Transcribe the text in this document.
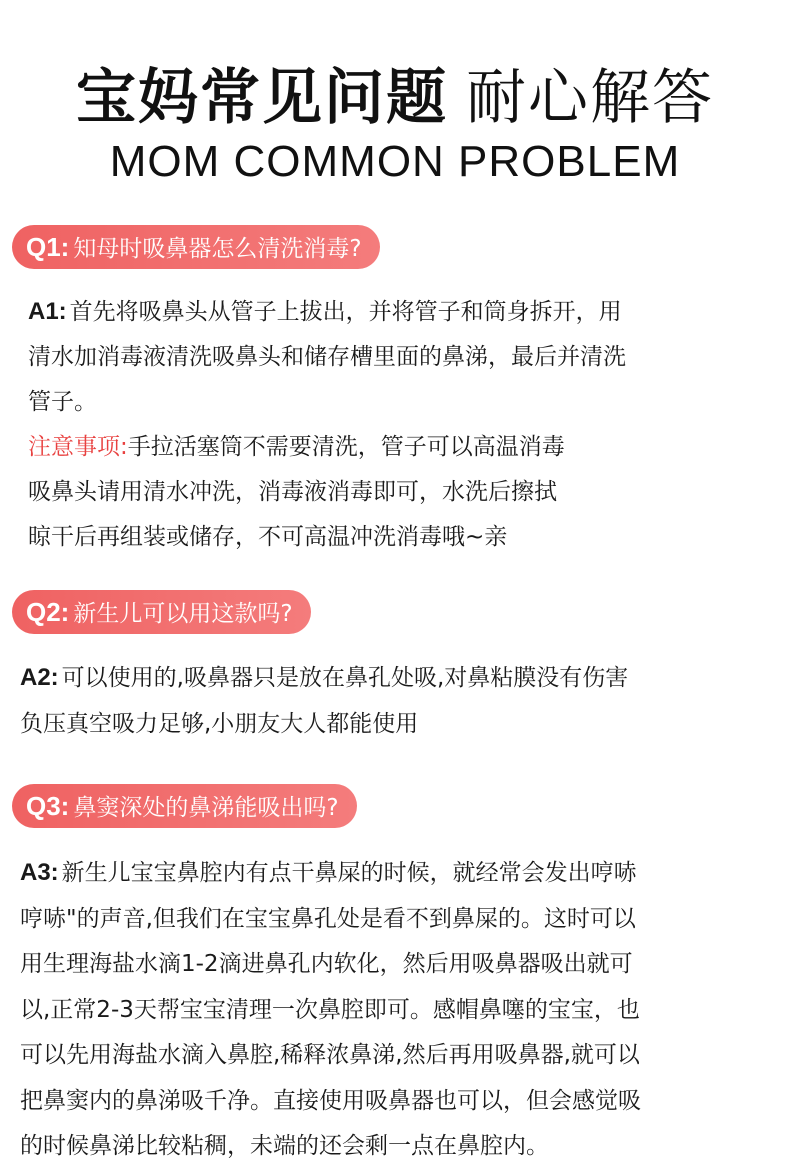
宝妈常见问题 耐心解答
MOM COMMON PROBLEM
Q1: 知母时吸鼻器怎么清洗消毒?
A1: 首先将吸鼻头从管子上拔出，并将管子和筒身拆开，用
清水加消毒液清洗吸鼻头和储存槽里面的鼻涕，最后并清洗
管子。
注意事项:手拉活塞筒不需要清洗，管子可以高温消毒
吸鼻头请用清水冲洗，消毒液消毒即可，水洗后擦拭
晾干后再组装或储存，不可高温冲洗消毒哦~亲
Q2: 新生儿可以用这款吗?
A2: 可以使用的,吸鼻器只是放在鼻孔处吸,对鼻粘膜没有伤害
负压真空吸力足够,小朋友大人都能使用
Q3: 鼻窦深处的鼻涕能吸出吗?
A3: 新生儿宝宝鼻腔内有点干鼻屎的时候，就经常会发出哼哧
哼哧"的声音,但我们在宝宝鼻孔处是看不到鼻屎的。这时可以
用生理海盐水滴1-2滴进鼻孔内软化，然后用吸鼻器吸出就可
以,正常2-3天帮宝宝清理一次鼻腔即可。感帽鼻噻的宝宝，也
可以先用海盐水滴入鼻腔,稀释浓鼻涕,然后再用吸鼻器,就可以
把鼻窦内的鼻涕吸千净。直接使用吸鼻器也可以，但会感觉吸
的时候鼻涕比较粘稠，未端的还会剩一点在鼻腔内。
